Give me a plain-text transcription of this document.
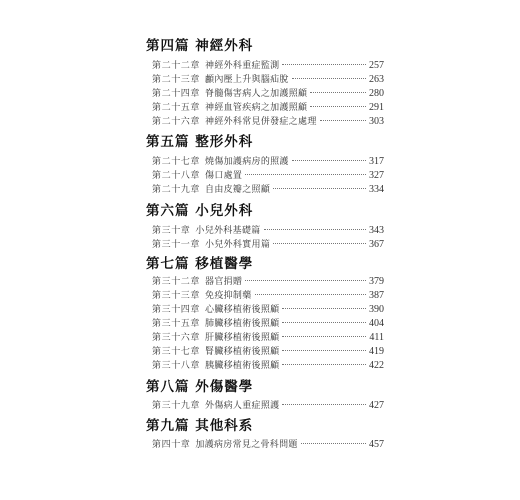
第四篇 神經外科
第二十二章 神經外科重症監測	257
第二十三章 顱內壓上升與腦疝脫	263
第二十四章 脊髓傷害病人之加護照顧	280
第二十五章 神經血管疾病之加護照顧	291
第二十六章 神經外科常見併發症之處理	303
第五篇 整形外科
第二十七章 燒傷加護病房的照護	317
第二十八章 傷口處置	327
第二十九章 自由皮瓣之照顧	334
第六篇 小兒外科
第三十章 小兒外科基礎篇	343
第三十一章 小兒外科實用篇	367
第七篇 移植醫學
第三十二章 器官捐贈	379
第三十三章 免疫抑制藥	387
第三十四章 心臟移植術後照顧	390
第三十五章 肺臟移植術後照顧	404
第三十六章 肝臟移植術後照顧	411
第三十七章 腎臟移植術後照顧	419
第三十八章 胰臟移植術後照顧	422
第八篇 外傷醫學
第三十九章 外傷病人重症照護	427
第九篇 其他科系
第四十章 加護病房常見之骨科問題	457
